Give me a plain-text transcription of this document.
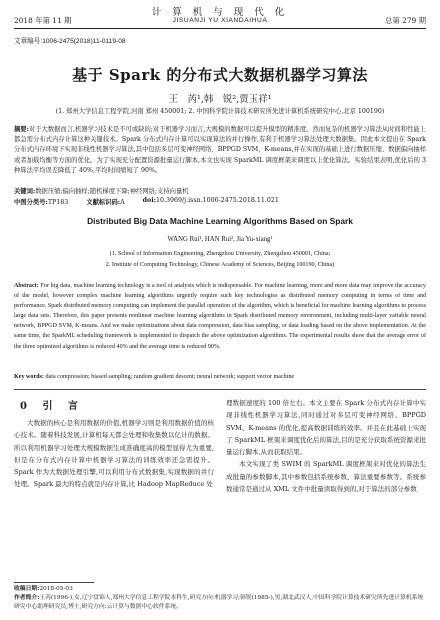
2018 年第 11 期
计 算 机 与 现 代 化
JISUANJI YU XIANDAIHUA	总第 279 期
文章编号:1006-2475(2018)11-0119-08
基于 Spark 的分布式大数据机器学习算法
王　芮¹,韩　锐²,贾玉祥¹
(1. 郑州大学信息工程学院,河南 郑州 450001; 2. 中国科学院计算技术研究所先进计算机系统研究中心,北京 100190)
摘要:对于大数据而言,机器学习技术是不可或缺的;对于机器学习而言,大规模的数据可以提升模型的精准度。然而复杂的机器学习算法从时间和性能上都急需分布式内存计算这种关键技术。Spark 分布式内存计算可以实现算法的并行操作,有利于机器学习算法处理大数据集。因此本文提出在 Spark 分布式内存环境下实现非线性机器学习算法,其中包括多层可变神经网络、BPPGD SVM、K-means,并在实现的基础上进行数据压缩、数据偏向抽样或者加载均衡等方面的优化。为了实现充分配置资源批量运行脚本,本文也实现 SparkML 调度框架来调度以上优化算法。实验结果表明,优化后的 3 种算法平均误差降低了 40%,平均时间缩短了 90%。
关键词:数据压缩;偏向抽样;随机梯度下降;神经网络;支持向量机
中图分类号:TP183	文献标识码:A	doi:10.3969/j.issn.1006-2475.2018.11.021
Distributed Big Data Machine Learning Algorithms Based on Spark
WANG Rui¹, HAN Rui², Jia Yu-xiang¹
(1. School of Information Engineering, Zhengzhou University, Zhengzhou 450001, China;
2. Institute of Computing Technology, Chinese Academy of Sciences, Beijing 100190, China)
Abstract: For big data, machine learning technology is a tool of analysis which is indispensable. For machine learning, more and more data may improve the accuracy of the model, however complex machine learning algorithms urgently require such key technologies as distributed memory computing in terms of time and performance. Spark distributed memory computing can implement the parallel operation of the algorithm, which is beneficial for machine learning algorithms to process large data sets. Therefore, this paper presents nonlinear machine learning algorithms in Spark distributed memory environment, including multi-layer variable neural network, BPPGD SVM, K-means. And we make optimizations about data compression, data bias sampling, or data loading based on the above implementation. At the same time, the SparkML scheduling framework is implemented to dispatch the above optimization algorithms. The experimental results show that the average error of the three optimized algorithms is reduced 40% and the average time is reduced 90%.
Key words: data compression; biased sampling; random gradient descent; neural network; support vector machine
0 引 言

大数据的核心是利用数据的价值,机器学习则是利用数据价值的核心技术。随着科技发展,计算机每天都会处理和收集数以亿计的数据。所以利用机器学习处理大规模数据生成准确度高的模型显得尤为重要,但是在分布式内存计算中机器学习算法的训练效率还急需提升。Spark 作为大数据处理引擎,可以利用分布式数据集,实现数据的并行处理。Spark 最大的特点就是内存计算,比 Hadoop MapReduce 处

理数据速度的 100 倍左右。本文主要在 Spark 分布式内存计算中实现非线性机器学习算法,同时通过对多层可变神经网络、BPPGD SVM、K-means 的优化,提高数据训练的效率。并且在此基础上实现了 SparkML 框架来调度优化后的算法,目的是充分获取系统资源来批量运行脚本,从而获取结果。

本文实现了类 SWIM 的 SparkML 调度框架来对优化的算法生成批量的参数脚本,其中参数包括系统参数、算法重要参数等。系统参数通常是通过从 XML 文件中批量读取得到的,对于算法的部分参数

收稿日期:2018-05-03
作者简介:王芮(1996-),女,辽宁盘锦人,郑州大学信息工程学院本科生,研究方向:机器学习;韩锐(1985-),男,湖北武汉人,中国科学院计算技术研究所先进计算机系统研究中心助理研究员,博士,研究方向:云计算与数据中心软件系统。
